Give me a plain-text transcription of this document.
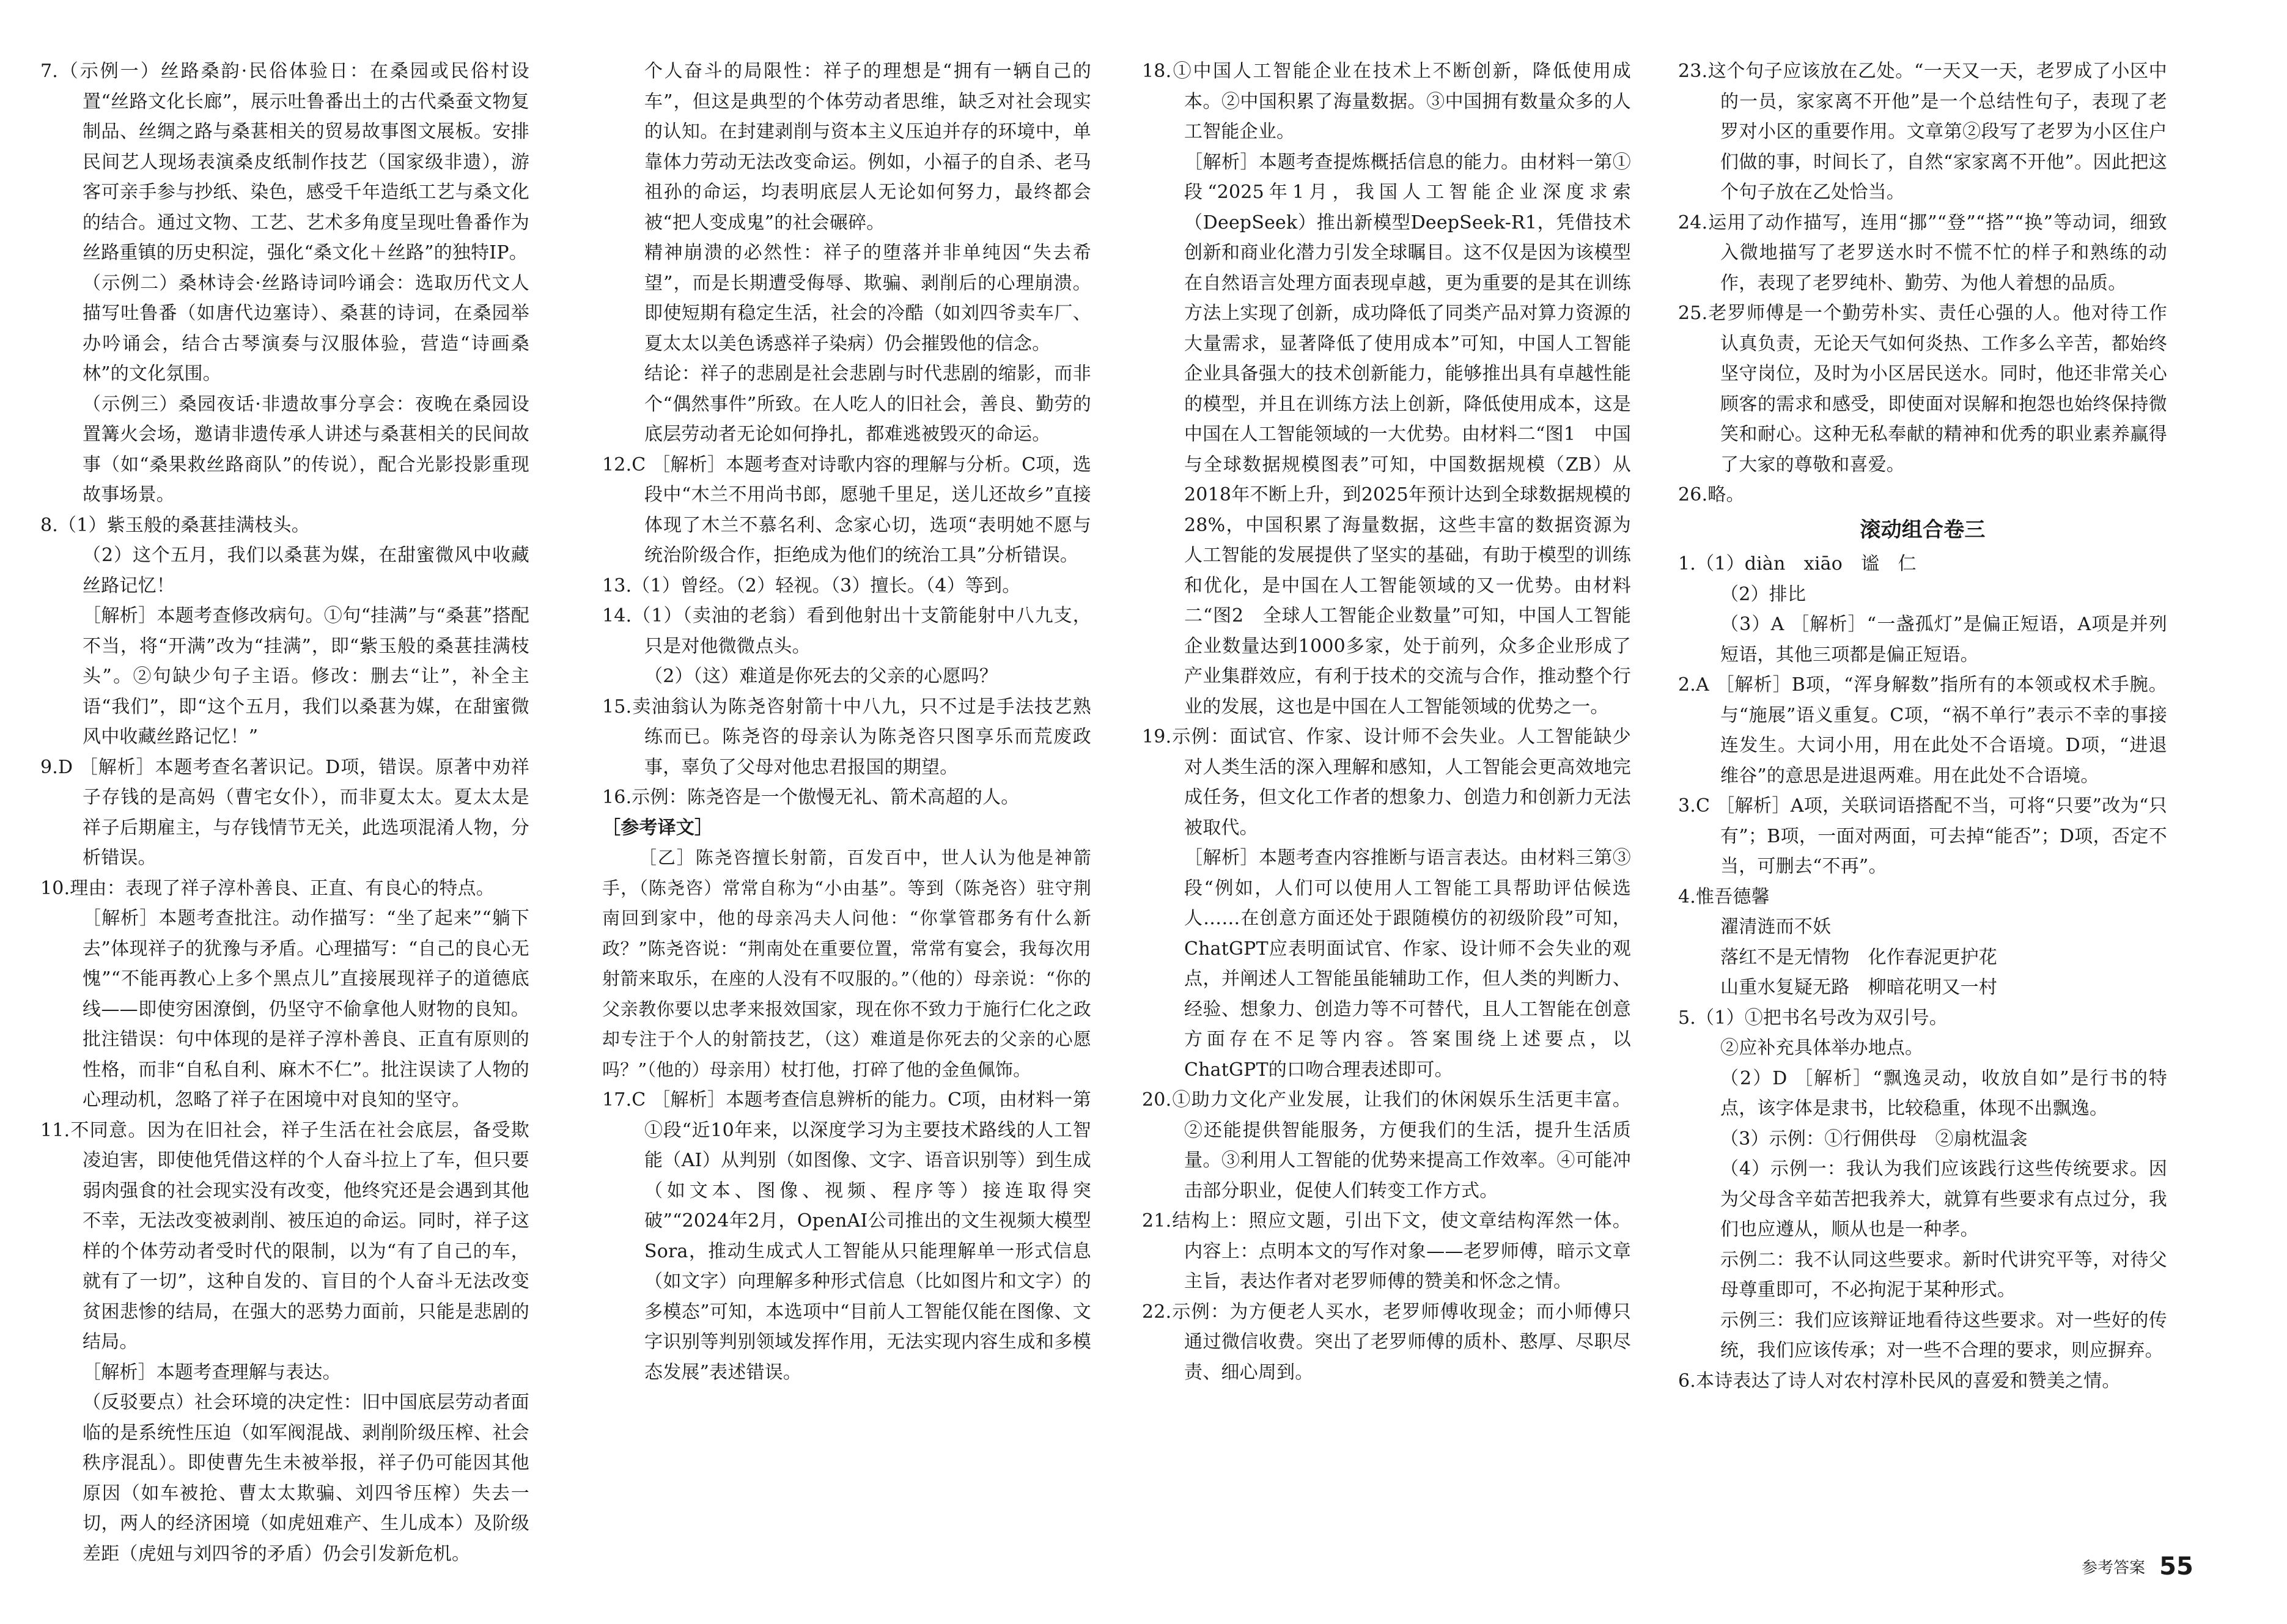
7.（示例一）丝路桑韵·民俗体验日：在桑园或民俗村设置“丝路文化长廊”，展示吐鲁番出土的古代桑蚕文物复制品、丝绸之路与桑葚相关的贸易故事图文展板。安排民间艺人现场表演桑皮纸制作技艺（国家级非遗），游客可亲手参与抄纸、染色，感受千年造纸工艺与桑文化的结合。通过文物、工艺、艺术多角度呈现吐鲁番作为丝路重镇的历史积淀，强化“桑文化＋丝路”的独特IP。

（示例二）桑林诗会·丝路诗词吟诵会：选取历代文人描写吐鲁番（如唐代边塞诗）、桑葚的诗词，在桑园举办吟诵会，结合古琴演奏与汉服体验，营造“诗画桑林”的文化氛围。

（示例三）桑园夜话·非遗故事分享会：夜晚在桑园设置篝火会场，邀请非遗传承人讲述与桑葚相关的民间故事（如“桑果救丝路商队”的传说），配合光影投影重现故事场景。

8.（1）紫玉般的桑葚挂满枝头。

（2）这个五月，我们以桑葚为媒，在甜蜜微风中收藏丝路记忆！

［解析］本题考查修改病句。①句“挂满”与“桑葚”搭配不当，将“开满”改为“挂满”，即“紫玉般的桑葚挂满枝头”。②句缺少句子主语。修改：删去“让”，补全主语“我们”，即“这个五月，我们以桑葚为媒，在甜蜜微风中收藏丝路记忆！”

9.D ［解析］本题考查名著识记。D项，错误。原著中劝祥子存钱的是高妈（曹宅女仆），而非夏太太。夏太太是祥子后期雇主，与存钱情节无关，此选项混淆人物，分析错误。

10.理由：表现了祥子淳朴善良、正直、有良心的特点。

［解析］本题考查批注。动作描写：“坐了起来”“躺下去”体现祥子的犹豫与矛盾。心理描写：“自己的良心无愧”“不能再教心上多个黑点儿”直接展现祥子的道德底线——即使穷困潦倒，仍坚守不偷拿他人财物的良知。批注错误：句中体现的是祥子淳朴善良、正直有原则的性格，而非“自私自利、麻木不仁”。批注误读了人物的心理动机，忽略了祥子在困境中对良知的坚守。

11.不同意。因为在旧社会，祥子生活在社会底层，备受欺凌迫害，即使他凭借这样的个人奋斗拉上了车，但只要弱肉强食的社会现实没有改变，他终究还是会遇到其他不幸，无法改变被剥削、被压迫的命运。同时，祥子这样的个体劳动者受时代的限制，以为“有了自己的车，就有了一切”，这种自发的、盲目的个人奋斗无法改变贫困悲惨的结局，在强大的恶势力面前，只能是悲剧的结局。

［解析］本题考查理解与表达。

（反驳要点）社会环境的决定性：旧中国底层劳动者面临的是系统性压迫（如军阀混战、剥削阶级压榨、社会秩序混乱）。即使曹先生未被举报，祥子仍可能因其他原因（如车被抢、曹太太欺骗、刘四爷压榨）失去一切，两人的经济困境（如虎妞难产、生儿成本）及阶级差距（虎妞与刘四爷的矛盾）仍会引发新危机。

个人奋斗的局限性：祥子的理想是“拥有一辆自己的车”，但这是典型的个体劳动者思维，缺乏对社会现实的认知。在封建剥削与资本主义压迫并存的环境中，单靠体力劳动无法改变命运。例如，小福子的自杀、老马祖孙的命运，均表明底层人无论如何努力，最终都会被“把人变成鬼”的社会碾碎。

精神崩溃的必然性：祥子的堕落并非单纯因“失去希望”，而是长期遭受侮辱、欺骗、剥削后的心理崩溃。即使短期有稳定生活，社会的冷酷（如刘四爷卖车厂、夏太太以美色诱惑祥子染病）仍会摧毁他的信念。

结论：祥子的悲剧是社会悲剧与时代悲剧的缩影，而非个“偶然事件”所致。在人吃人的旧社会，善良、勤劳的底层劳动者无论如何挣扎，都难逃被毁灭的命运。

12.C ［解析］本题考查对诗歌内容的理解与分析。C项，选段中“木兰不用尚书郎，愿驰千里足，送儿还故乡”直接体现了木兰不慕名利、念家心切，选项“表明她不愿与统治阶级合作，拒绝成为他们的统治工具”分析错误。

13.（1）曾经。（2）轻视。（3）擅长。（4）等到。

14.（1）（卖油的老翁）看到他射出十支箭能射中八九支，只是对他微微点头。

（2）（这）难道是你死去的父亲的心愿吗？

15.卖油翁认为陈尧咨射箭十中八九，只不过是手法技艺熟练而已。陈尧咨的母亲认为陈尧咨只图享乐而荒废政事，辜负了父母对他忠君报国的期望。

16.示例：陈尧咨是一个傲慢无礼、箭术高超的人。

［参考译文］

［乙］陈尧咨擅长射箭，百发百中，世人认为他是神箭手，（陈尧咨）常常自称为“小由基”。等到（陈尧咨）驻守荆南回到家中，他的母亲冯夫人问他：“你掌管郡务有什么新政？”陈尧咨说：“荆南处在重要位置，常常有宴会，我每次用射箭来取乐，在座的人没有不叹服的。”（他的）母亲说：“你的父亲教你要以忠孝来报效国家，现在你不致力于施行仁化之政却专注于个人的射箭技艺，（这）难道是你死去的父亲的心愿吗？”（他的）母亲用）杖打他，打碎了他的金鱼佩饰。

17.C ［解析］本题考查信息辨析的能力。C项，由材料一第①段“近10年来，以深度学习为主要技术路线的人工智能（AI）从判别（如图像、文字、语音识别等）到生成（如文本、图像、视频、程序等）接连取得突破”“2024年2月，OpenAI公司推出的文生视频大模型Sora，推动生成式人工智能从只能理解单一形式信息（如文字）向理解多种形式信息（比如图片和文字）的多模态”可知，本选项中“目前人工智能仅能在图像、文字识别等判别领域发挥作用，无法实现内容生成和多模态发展”表述错误。

18.①中国人工智能企业在技术上不断创新，降低使用成本。②中国积累了海量数据。③中国拥有数量众多的人工智能企业。

［解析］本题考查提炼概括信息的能力。由材料一第①段“2025年1月，我国人工智能企业深度求索（DeepSeek）推出新模型DeepSeek-R1，凭借技术创新和商业化潜力引发全球瞩目。这不仅是因为该模型在自然语言处理方面表现卓越，更为重要的是其在训练方法上实现了创新，成功降低了同类产品对算力资源的大量需求，显著降低了使用成本”可知，中国人工智能企业具备强大的技术创新能力，能够推出具有卓越性能的模型，并且在训练方法上创新，降低使用成本，这是中国在人工智能领域的一大优势。由材料二“图1　中国与全球数据规模图表”可知，中国数据规模（ZB）从2018年不断上升，到2025年预计达到全球数据规模的28%，中国积累了海量数据，这些丰富的数据资源为人工智能的发展提供了坚实的基础，有助于模型的训练和优化，是中国在人工智能领域的又一优势。由材料二“图2　全球人工智能企业数量”可知，中国人工智能企业数量达到1000多家，处于前列，众多企业形成了产业集群效应，有利于技术的交流与合作，推动整个行业的发展，这也是中国在人工智能领域的优势之一。

19.示例：面试官、作家、设计师不会失业。人工智能缺少对人类生活的深入理解和感知，人工智能会更高效地完成任务，但文化工作者的想象力、创造力和创新力无法被取代。

［解析］本题考查内容推断与语言表达。由材料三第③段“例如，人们可以使用人工智能工具帮助评估候选人……在创意方面还处于跟随模仿的初级阶段”可知，ChatGPT应表明面试官、作家、设计师不会失业的观点，并阐述人工智能虽能辅助工作，但人类的判断力、经验、想象力、创造力等不可替代，且人工智能在创意方面存在不足等内容。答案围绕上述要点，以ChatGPT的口吻合理表述即可。

20.①助力文化产业发展，让我们的休闲娱乐生活更丰富。②还能提供智能服务，方便我们的生活，提升生活质量。③利用人工智能的优势来提高工作效率。④可能冲击部分职业，促使人们转变工作方式。

21.结构上：照应文题，引出下文，使文章结构浑然一体。内容上：点明本文的写作对象——老罗师傅，暗示文章主旨，表达作者对老罗师傅的赞美和怀念之情。

22.示例：为方便老人买水，老罗师傅收现金；而小师傅只通过微信收费。突出了老罗师傅的质朴、憨厚、尽职尽责、细心周到。

23.这个句子应该放在乙处。“一天又一天，老罗成了小区中的一员，家家离不开他”是一个总结性句子，表现了老罗对小区的重要作用。文章第②段写了老罗为小区住户们做的事，时间长了，自然“家家离不开他”。因此把这个句子放在乙处恰当。

24.运用了动作描写，连用“挪”“登”“搭”“换”等动词，细致入微地描写了老罗送水时不慌不忙的样子和熟练的动作，表现了老罗纯朴、勤劳、为他人着想的品质。

25.老罗师傅是一个勤劳朴实、责任心强的人。他对待工作认真负责，无论天气如何炎热、工作多么辛苦，都始终坚守岗位，及时为小区居民送水。同时，他还非常关心顾客的需求和感受，即使面对误解和抱怨也始终保持微笑和耐心。这种无私奉献的精神和优秀的职业素养赢得了大家的尊敬和喜爱。

26.略。

滚动组合卷三

1.（1）diàn　xiāo　谧　仁

（2）排比

（3）A ［解析］“一盏孤灯”是偏正短语，A项是并列短语，其他三项都是偏正短语。

2.A ［解析］B项，“浑身解数”指所有的本领或权术手腕。与“施展”语义重复。C项，“祸不单行”表示不幸的事接连发生。大词小用，用在此处不合语境。D项，“进退维谷”的意思是进退两难。用在此处不合语境。

3.C ［解析］A项，关联词语搭配不当，可将“只要”改为“只有”；B项，一面对两面，可去掉“能否”；D项，否定不当，可删去“不再”。

4.惟吾德馨

濯清涟而不妖

落红不是无情物　化作春泥更护花

山重水复疑无路　柳暗花明又一村

5.（1）①把书名号改为双引号。

②应补充具体举办地点。

（2）D ［解析］“飘逸灵动，收放自如”是行书的特点，该字体是隶书，比较稳重，体现不出飘逸。

（3）示例：①行佣供母　②扇枕温衾

（4）示例一：我认为我们应该践行这些传统要求。因为父母含辛茹苦把我养大，就算有些要求有点过分，我们也应遵从，顺从也是一种孝。

示例二：我不认同这些要求。新时代讲究平等，对待父母尊重即可，不必拘泥于某种形式。

示例三：我们应该辩证地看待这些要求。对一些好的传统，我们应该传承；对一些不合理的要求，则应摒弃。

6.本诗表达了诗人对农村淳朴民风的喜爱和赞美之情。

参考答案 55
